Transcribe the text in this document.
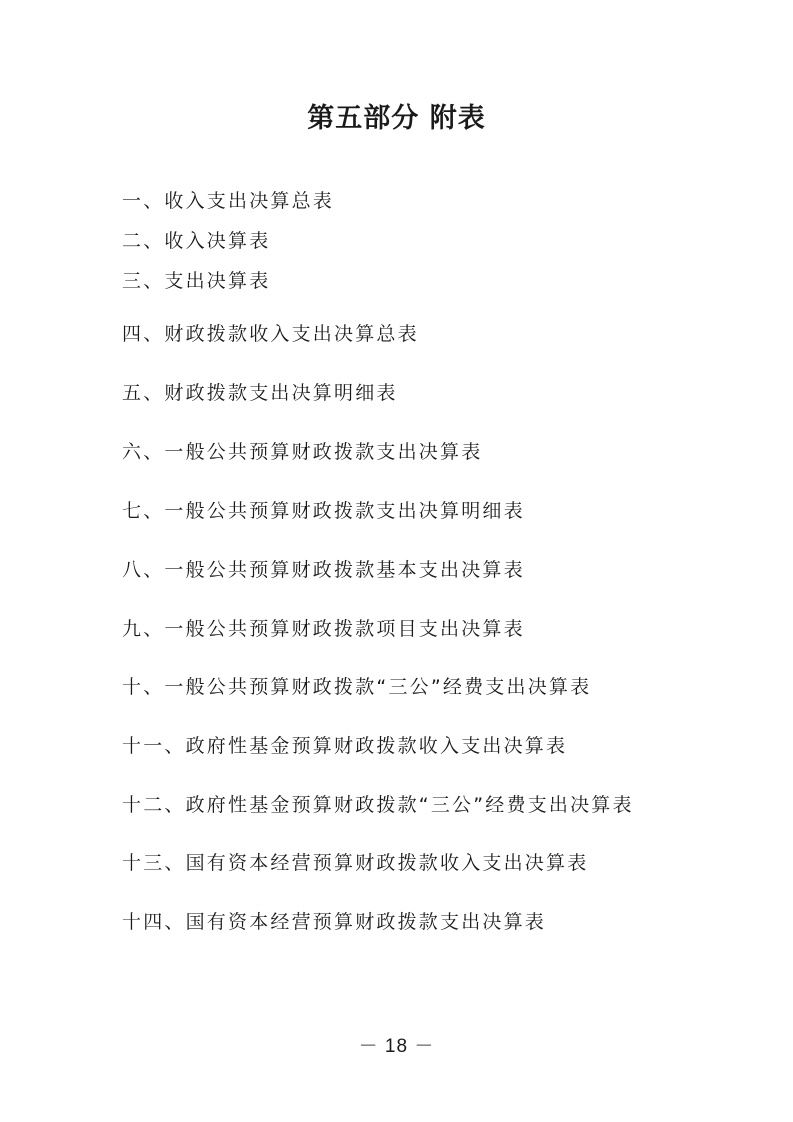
第五部分 附表
一、收入支出决算总表
二、收入决算表
三、支出决算表
四、财政拨款收入支出决算总表
五、财政拨款支出决算明细表
六、一般公共预算财政拨款支出决算表
七、一般公共预算财政拨款支出决算明细表
八、一般公共预算财政拨款基本支出决算表
九、一般公共预算财政拨款项目支出决算表
十、一般公共预算财政拨款“三公”经费支出决算表
十一、政府性基金预算财政拨款收入支出决算表
十二、政府性基金预算财政拨款“三公”经费支出决算表
十三、国有资本经营预算财政拨款收入支出决算表
十四、国有资本经营预算财政拨款支出决算表
－ 18 －
